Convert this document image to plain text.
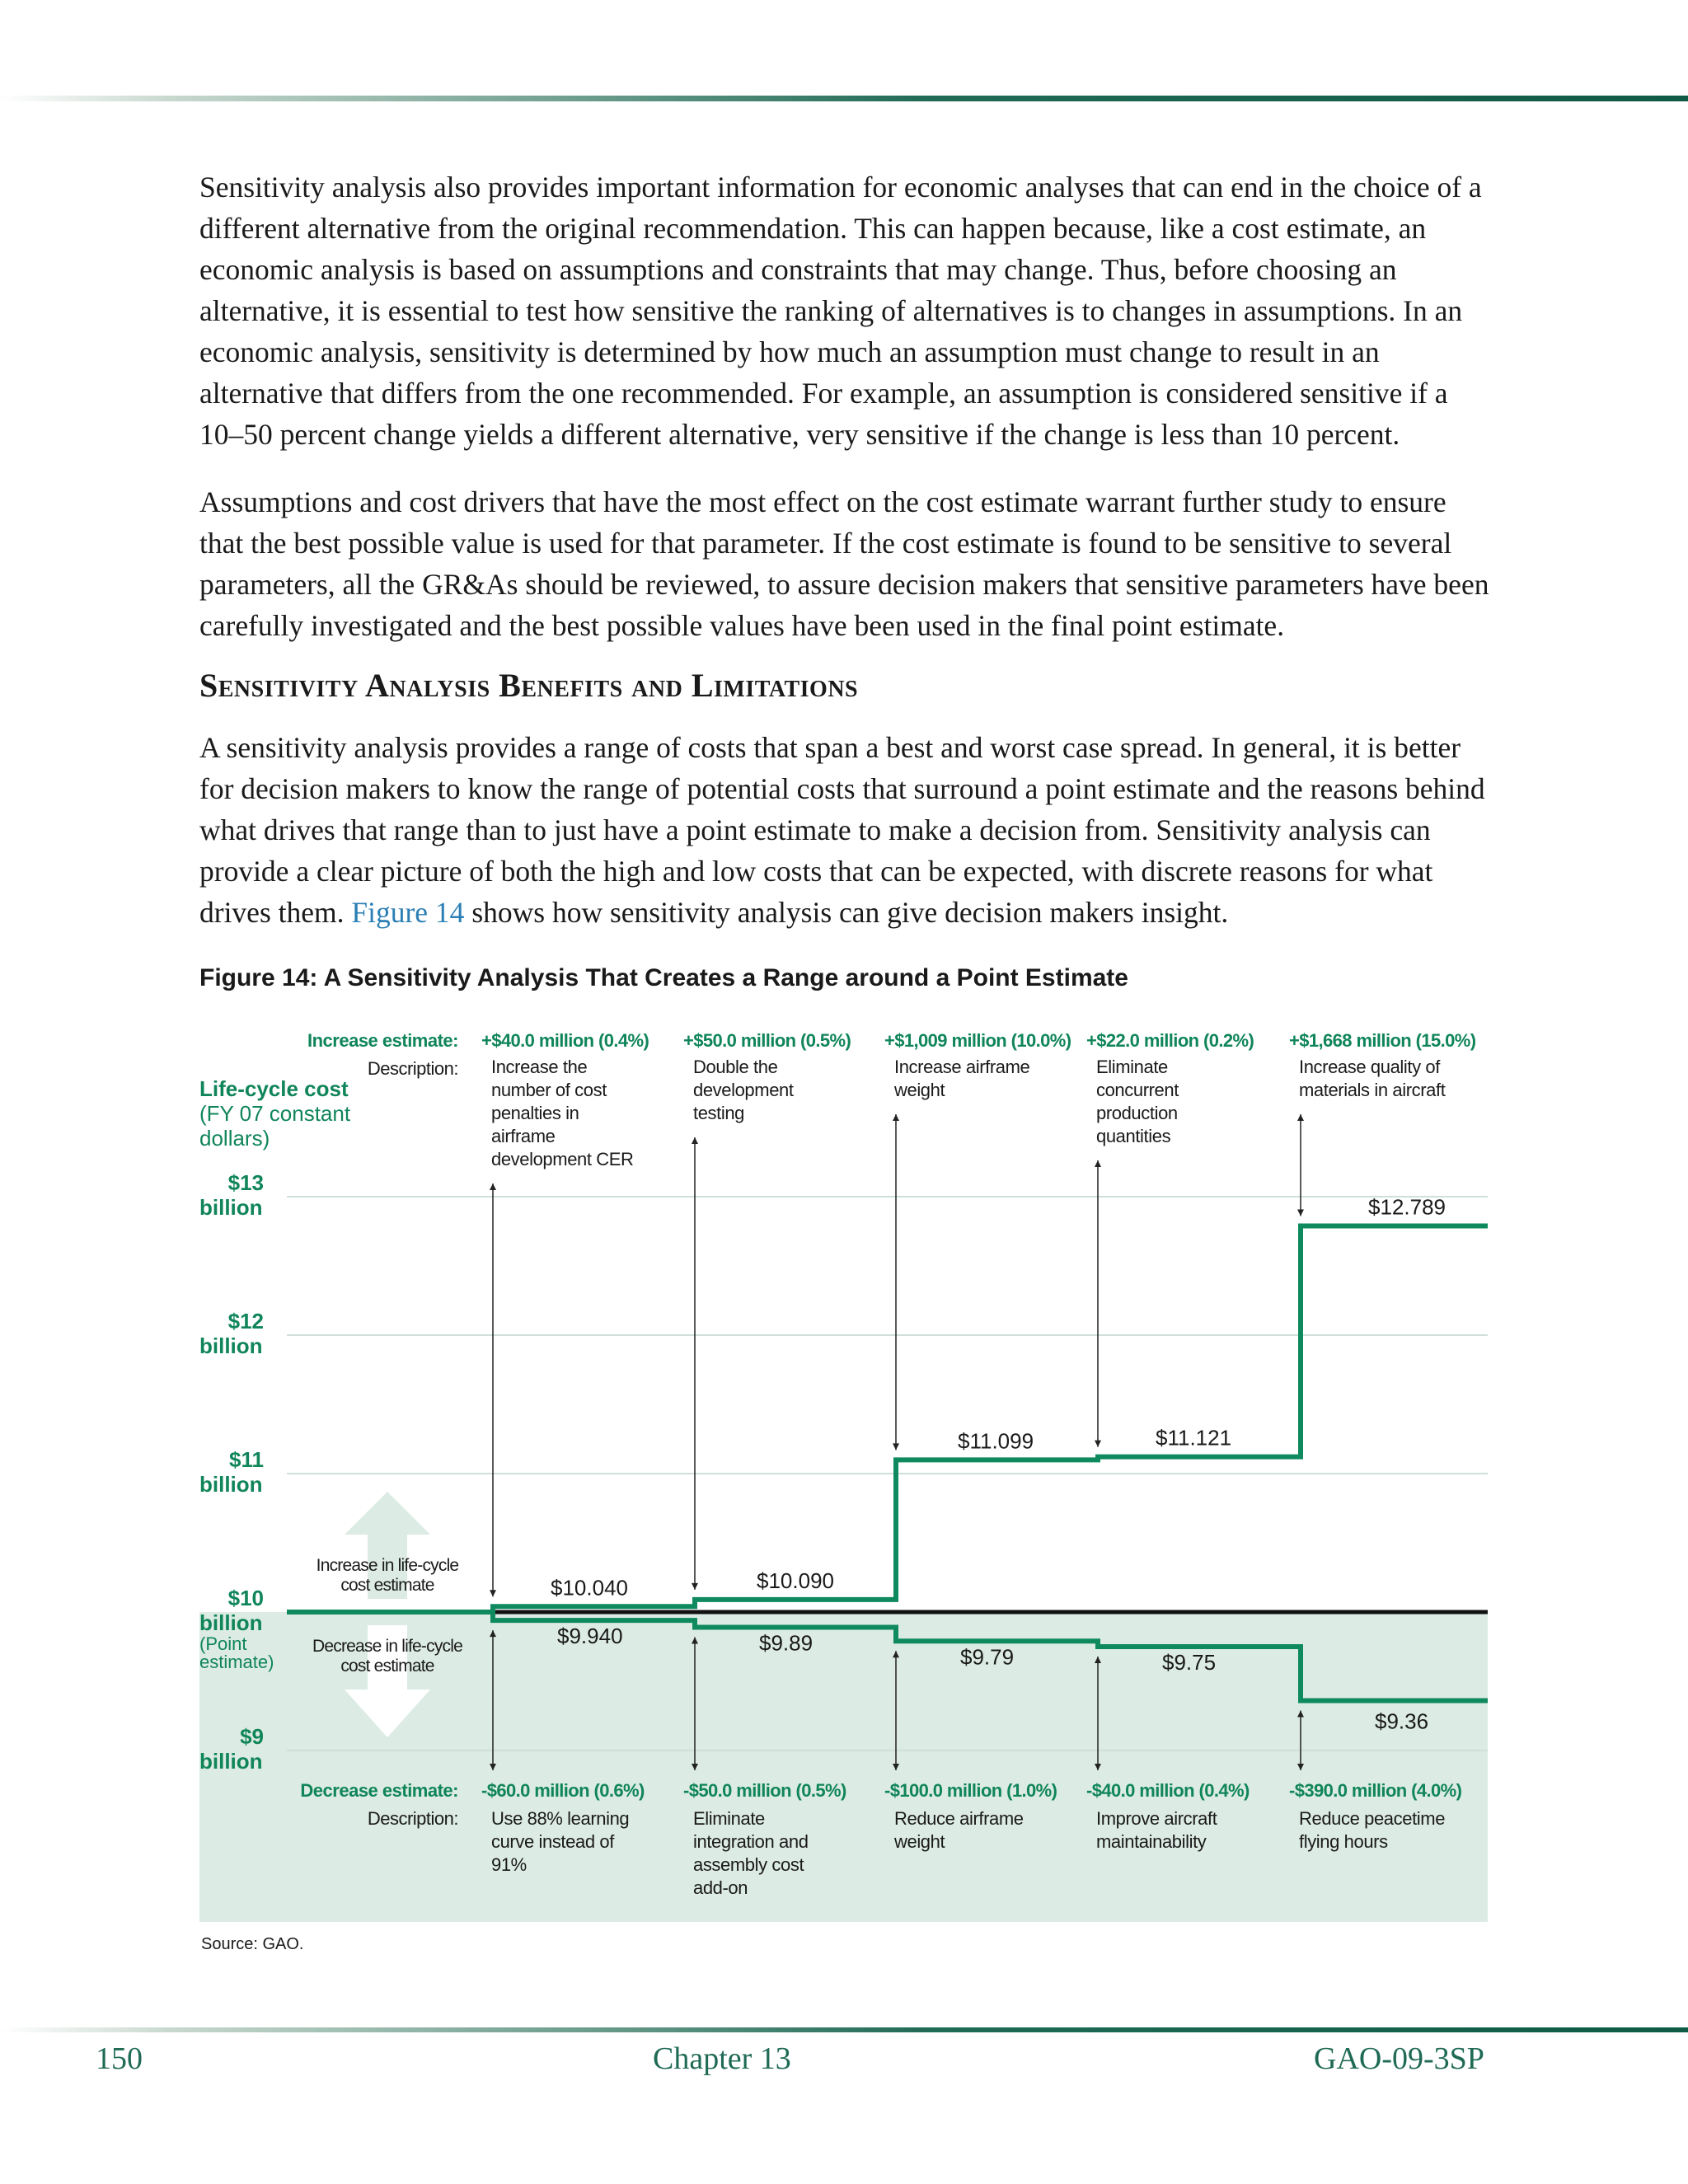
Sensitivity analysis also provides important information for economic analyses that can end in the choice of a different alternative from the original recommendation. This can happen because, like a cost estimate, an economic analysis is based on assumptions and constraints that may change. Thus, before choosing an alternative, it is essential to test how sensitive the ranking of alternatives is to changes in assumptions. In an economic analysis, sensitivity is determined by how much an assumption must change to result in an alternative that differs from the one recommended. For example, an assumption is considered sensitive if a 10–50 percent change yields a different alternative, very sensitive if the change is less than 10 percent.

Assumptions and cost drivers that have the most effect on the cost estimate warrant further study to ensure that the best possible value is used for that parameter. If the cost estimate is found to be sensitive to several parameters, all the GR&As should be reviewed, to assure decision makers that sensitive parameters have been carefully investigated and the best possible values have been used in the final point estimate.

Sensitivity Analysis Benefits and Limitations

A sensitivity analysis provides a range of costs that span a best and worst case spread. In general, it is better for decision makers to know the range of potential costs that surround a point estimate and the reasons behind what drives that range than to just have a point estimate to make a decision from. Sensitivity analysis can provide a clear picture of both the high and low costs that can be expected, with discrete reasons for what drives them. Figure 14 shows how sensitivity analysis can give decision makers insight.

Figure 14: A Sensitivity Analysis That Creates a Range around a Point Estimate
Life-cycle cost
(FY 07 constant
dollars)
$13
billion
$12
billion
$11
billion
$10
billion
(Point
estimate)
$9
billion
Increase estimate:
Description:
Decrease estimate:
Description:
Increase in life-cycle
cost estimate
Decrease in life-cycle
cost estimate
+$40.0 million (0.4%)
Increase the
number of cost
penalties in
airframe
development CER
$10.040
-$60.0 million (0.6%)
Use 88% learning
curve instead of
91%
$9.940
+$50.0 million (0.5%)
Double the
development
testing
$10.090
-$50.0 million (0.5%)
Eliminate
integration and
assembly cost
add-on
$9.89
+$1,009 million (10.0%)
Increase airframe
weight
$11.099
-$100.0 million (1.0%)
Reduce airframe
weight
$9.79
+$22.0 million (0.2%)
Eliminate
concurrent
production
quantities
$11.121
-$40.0 million (0.4%)
Improve aircraft
maintainability
$9.75
+$1,668 million (15.0%)
Increase quality of
materials in aircraft
$12.789
-$390.0 million (4.0%)
Reduce peacetime
flying hours
$9.36
Source: GAO.
150	Chapter 13	GAO-09-3SP
